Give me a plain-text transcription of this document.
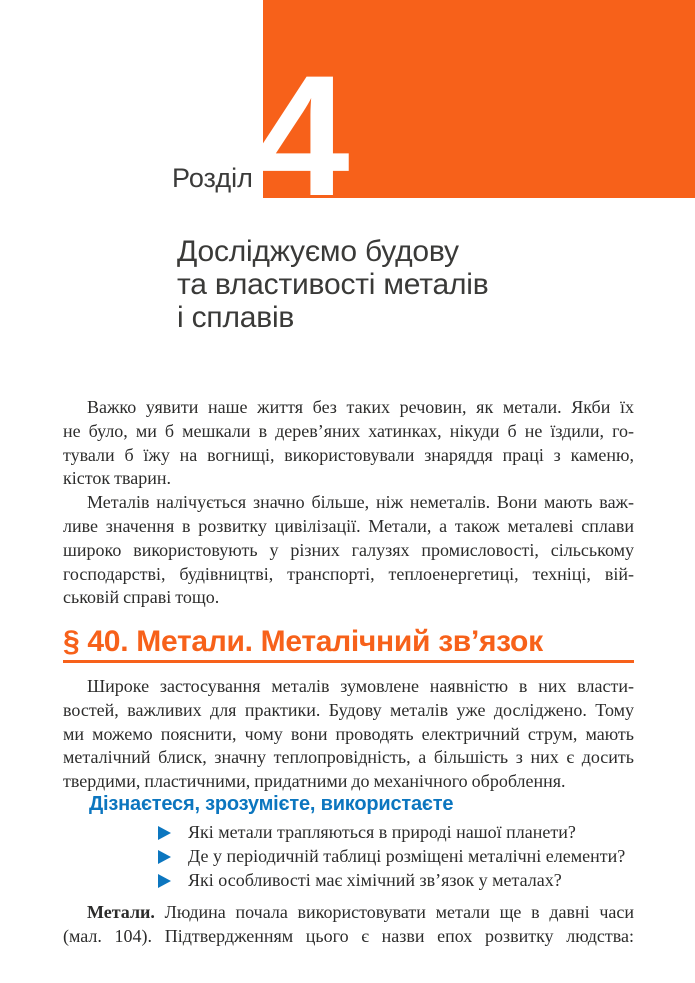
4
Розділ
Досліджуємо будову
та властивості металів
і сплавів
Важко уявити наше життя без таких речовин, як метали. Якби їх
не було, ми б мешкали в дерев’яних хатинках, нікуди б не їздили, го-
тували б їжу на вогнищі, використовували знаряддя праці з каменю,
кісток тварин.
Металів налічується значно більше, ніж неметалів. Вони мають важ-
ливе значення в розвитку цивілізації. Метали, а також металеві сплави
широко використовують у різних галузях промисловості, сільському
господарстві, будівництві, транспорті, теплоенергетиці, техніці, вій-
ськовій справі тощо.
§ 40. Метали. Металічний зв’язок
Широке застосування металів зумовлене наявністю в них власти-
востей, важливих для практики. Будову металів уже досліджено. Тому
ми можемо пояснити, чому вони проводять електричний струм, мають
металічний блиск, значну теплопровідність, а більшість з них є досить
твердими, пластичними, придатними до механічного оброблення.
Дізнаєтеся, зрозумієте, використаєте
Які метали трапляються в природі нашої планети?
Де у періодичній таблиці розміщені металічні елементи?
Які особливості має хімічний зв’язок у металах?
Метали. Людина почала використовувати метали ще в давні часи
(мал. 104). Підтвердженням цього є назви епох розвитку людства:
